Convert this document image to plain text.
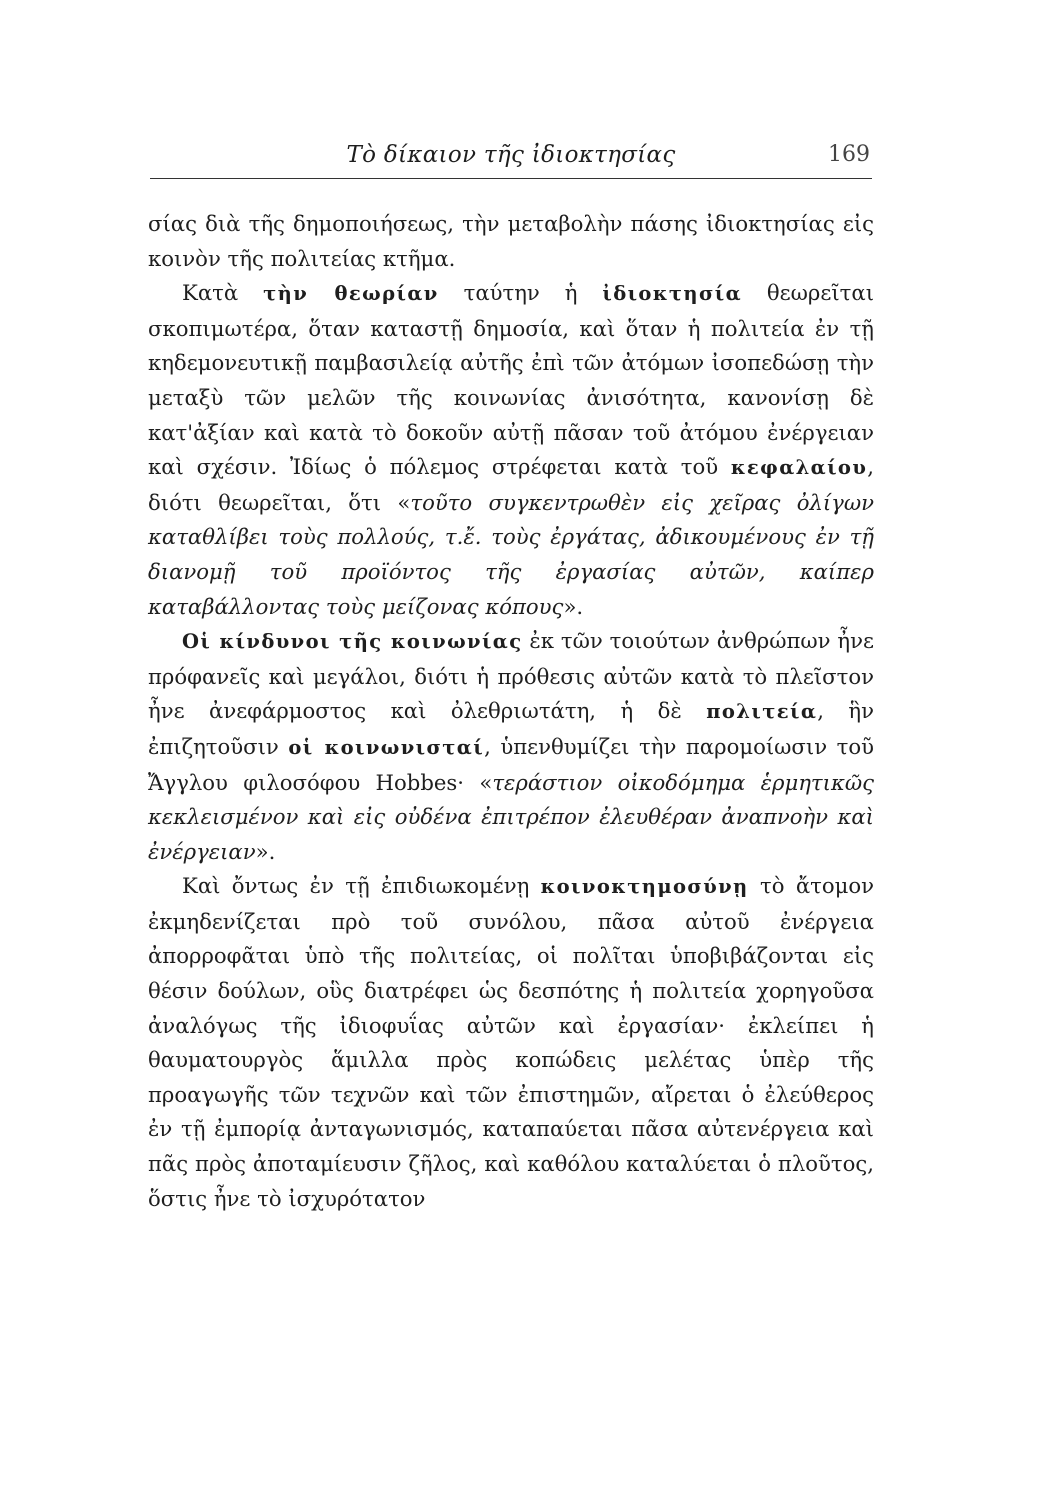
Τὸ δίκαιον τῆς ἰδιοκτησίας	169

σίας διὰ τῆς δημοποιήσεως, τὴν μεταβολὴν πάσης ἰδιοκτησίας εἰς κοινὸν τῆς πολιτείας κτῆμα.

Κατὰ τὴν θεωρίαν ταύτην ἡ ἰδιοκτησία θεωρεῖται σκοπιμωτέρα, ὅταν καταστῇ δημοσία, καὶ ὅταν ἡ πολιτεία ἐν τῇ κηδεμονευτικῇ παμβασιλείᾳ αὐτῆς ἐπὶ τῶν ἀτόμων ἰσοπεδώσῃ τὴν μεταξὺ τῶν μελῶν τῆς κοινωνίας ἀνισότητα, κανονίσῃ δὲ κατ'ἀξίαν καὶ κατὰ τὸ δοκοῦν αὐτῇ πᾶσαν τοῦ ἀτόμου ἐνέργειαν καὶ σχέσιν. Ἰδίως ὁ πόλεμος στρέφεται κατὰ τοῦ κεφαλαίου, διότι θεωρεῖται, ὅτι «τοῦτο συγκεντρωθὲν εἰς χεῖρας ὀλίγων καταθλίβει τοὺς πολλούς, τ.ἔ. τοὺς ἐργάτας, ἀδικουμένους ἐν τῇ διανομῇ τοῦ προϊόντος τῆς ἐργασίας αὐτῶν, καίπερ καταβάλλοντας τοὺς μείζονας κόπους».

Οἱ κίνδυνοι τῆς κοινωνίας ἐκ τῶν τοιούτων ἀνθρώπων ἦνε πρόφανεῖς καὶ μεγάλοι, διότι ἡ πρόθεσις αὐτῶν κατὰ τὸ πλεῖστον ἦνε ἀνεφάρμοστος καὶ ὀλεθριωτάτη, ἡ δὲ πολιτεία, ἣν ἐπιζητοῦσιν οἱ κοινωνισταί, ὑπενθυμίζει τὴν παρομοίωσιν τοῦ Ἄγγλου φιλοσόφου Hobbes· «τεράστιον οἰκοδόμημα ἑρμητικῶς κεκλεισμένον καὶ εἰς οὐδένα ἐπιτρέπον ἐλευθέραν ἀναπνοὴν καὶ ἐνέργειαν».

Καὶ ὄντως ἐν τῇ ἐπιδιωκομένῃ κοινοκτημοσύνῃ τὸ ἄτομον ἐκμηδενίζεται πρὸ τοῦ συνόλου, πᾶσα αὐτοῦ ἐνέργεια ἀπορροφᾶται ὑπὸ τῆς πολιτείας, οἱ πολῖται ὑποβιβάζονται εἰς θέσιν δούλων, οὓς διατρέφει ὡς δεσπότης ἡ πολιτεία χορηγοῦσα ἀναλόγως τῆς ἰδιοφυΐας αὐτῶν καὶ ἐργασίαν· ἐκλείπει ἡ θαυματουργὸς ἅμιλλα πρὸς κοπώδεις μελέτας ὑπὲρ τῆς προαγωγῆς τῶν τεχνῶν καὶ τῶν ἐπιστημῶν, αἴρεται ὁ ἐλεύθερος ἐν τῇ ἐμπορίᾳ ἀνταγωνισμός, καταπαύεται πᾶσα αὐτενέργεια καὶ πᾶς πρὸς ἀποταμίευσιν ζῆλος, καὶ καθόλου καταλύεται ὁ πλοῦτος, ὅστις ἦνε τὸ ἰσχυρότατον
